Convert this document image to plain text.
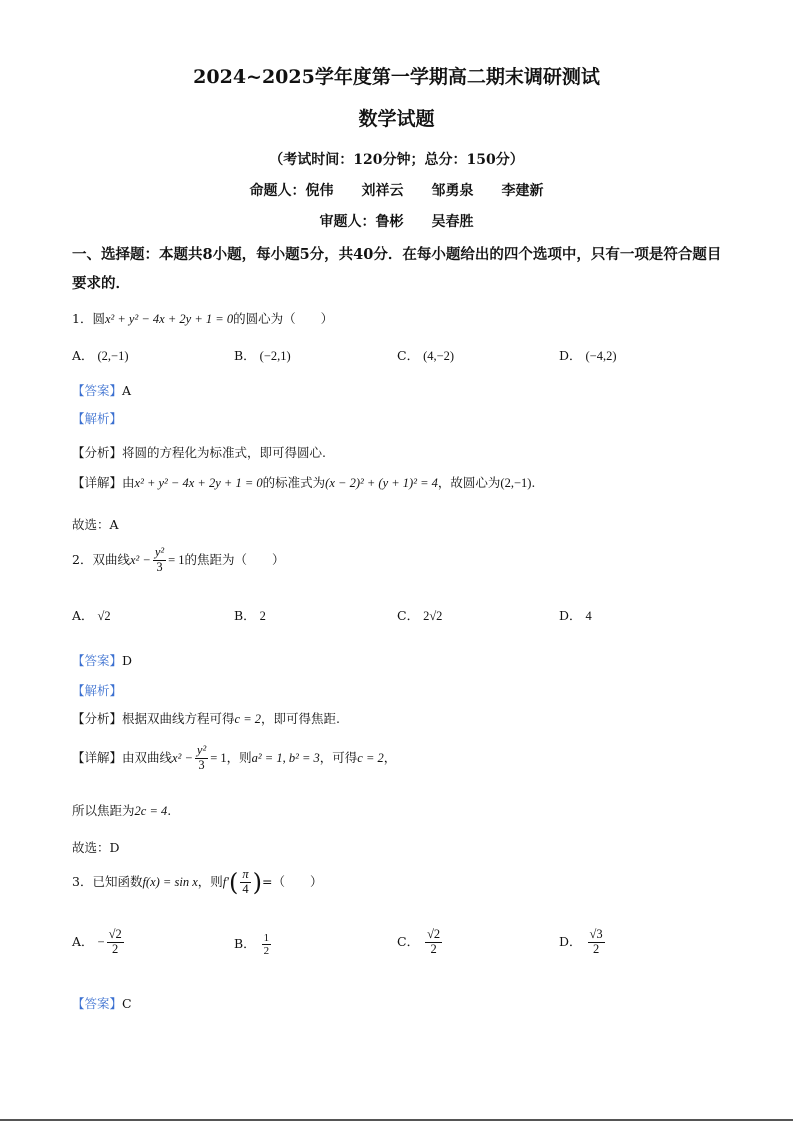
2024~2025学年度第一学期高二期末调研测试
数学试题
（考试时间：120分钟；总分：150分）
命题人：倪伟　　刘祥云　　邹勇泉　　李建新
审题人：鲁彬　　吴春胜
一、选择题：本题共8小题，每小题5分，共40分．在每小题给出的四个选项中，只有一项是符合题目要求的．
1．圆x² + y² − 4x + 2y + 1 = 0的圆心为（　　）
A． (2,−1)	B． (−2,1)	C． (4,−2)	D． (−4,2)
【答案】A
【解析】
【分析】将圆的方程化为标准式，即可得圆心.
【详解】由x² + y² − 4x + 2y + 1 = 0的标准式为(x − 2)² + (y + 1)² = 4，故圆心为(2,−1).
故选：A
2．双曲线$x^2 - \frac{\text{y²}}{3} = 1$的焦距为（　　）
A． √2	B． 2	C． 2√2	D． 4
【答案】D
【解析】
【分析】根据双曲线方程可得c = 2，即可得焦距.
【详解】由双曲线$x^2 - \frac{\text{y²}}{3} = 1$，则a² = 1, b² = 3，可得c = 2，
所以焦距为2c = 4.
故选：D
3．已知函数f(x) = sin x，则$f'( \frac{\pi}{4}$ )=（　　）
A． − $\frac{√2}{2}$	B． $\frac{1}{2}$	C． $\frac{√2}{2}$	D． $\frac{√3}{2}$
【答案】C
